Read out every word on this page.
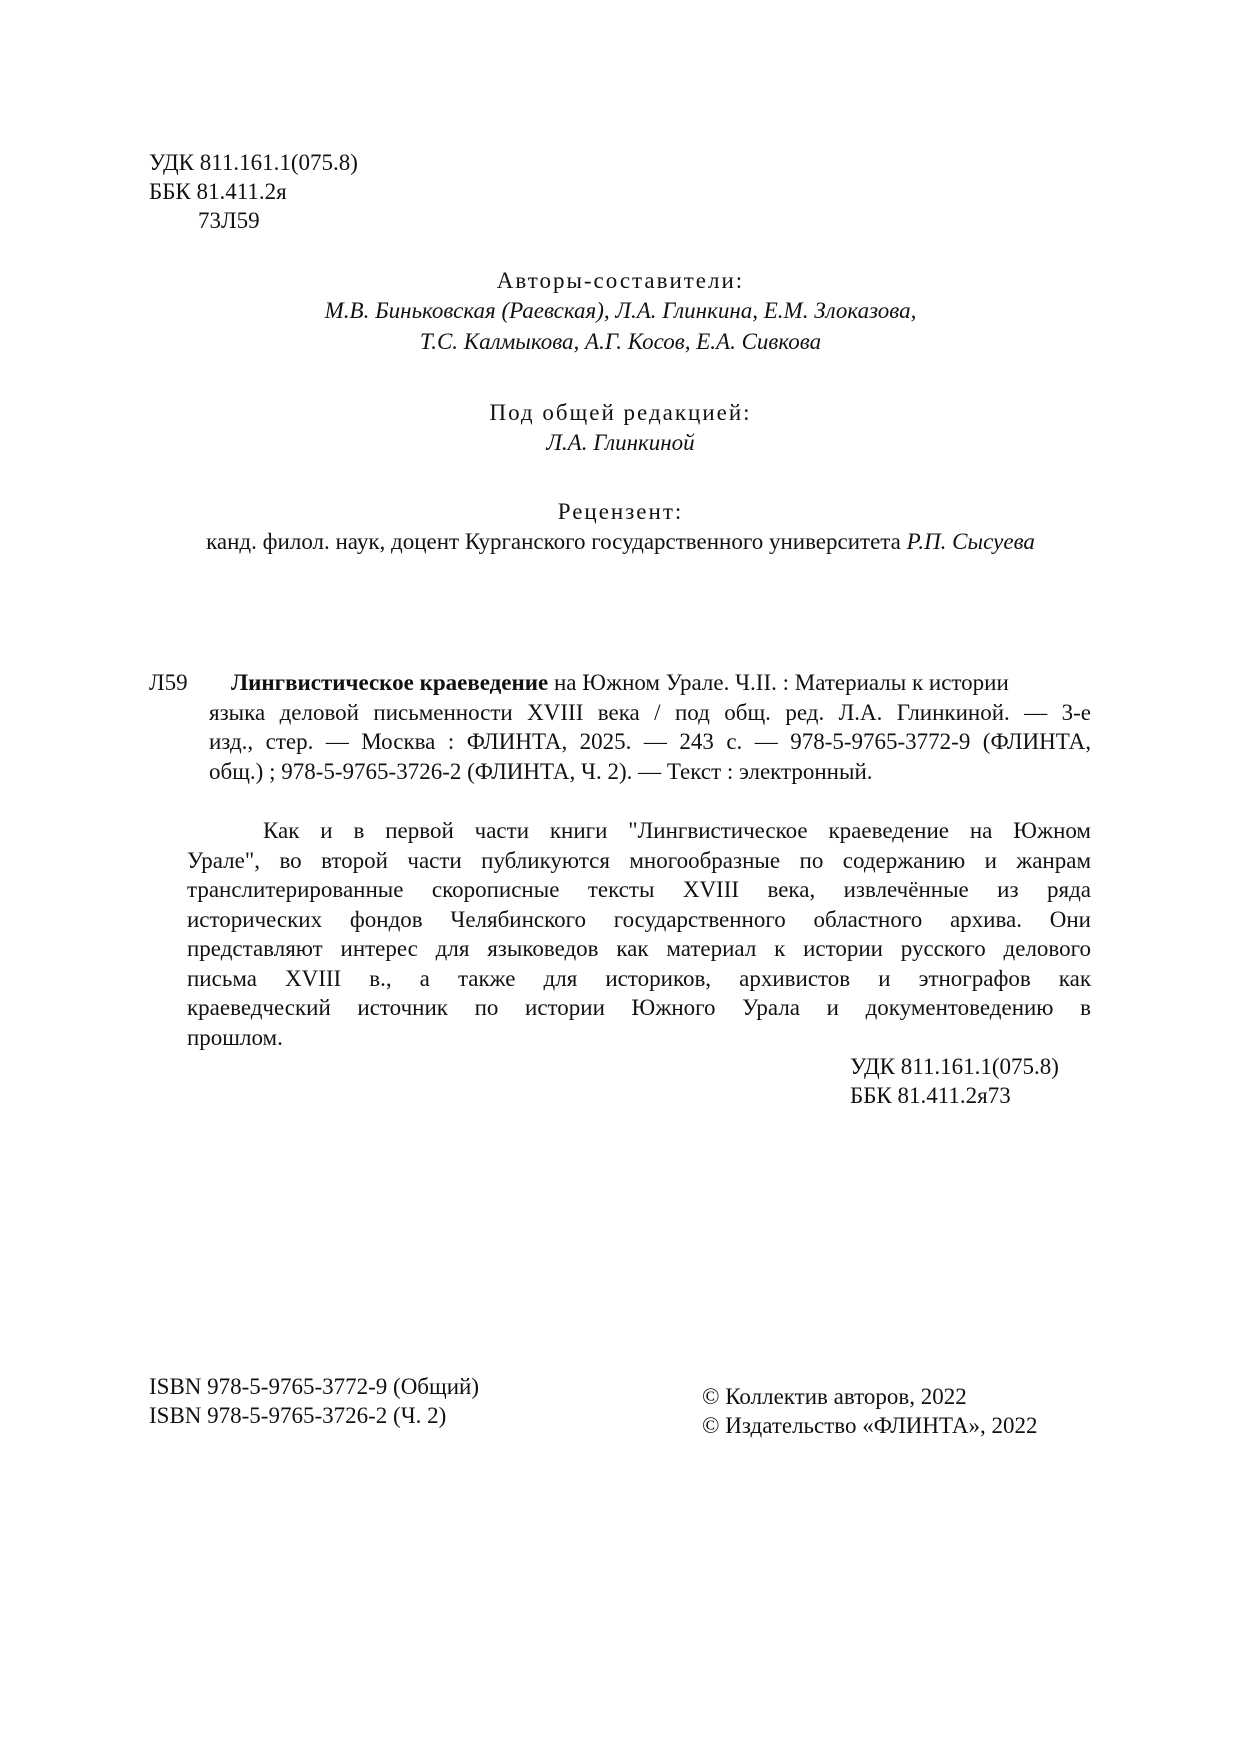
УДК 811.161.1(075.8)
ББК 81.411.2я
73Л59
Авторы-составители:
М.В. Биньковская (Раевская), Л.А. Глинкина, Е.М. Злоказова,
Т.С. Калмыкова, А.Г. Косов, Е.А. Сивкова
Под общей редакцией:
Л.А. Глинкиной
Рецензент:
канд. филол. наук, доцент Курганского государственного университета Р.П. Сысуева
Л59	Лингвистическое краеведение на Южном Урале. Ч.II. : Материалы к истории
языка деловой письменности XVIII века / под общ. ред. Л.А. Глинкиной. — 3-е
изд., стер. — Москва : ФЛИНТА, 2025. — 243 с. — 978-5-9765-3772-9 (ФЛИНТА,
общ.) ; 978-5-9765-3726-2 (ФЛИНТА, Ч. 2). — Текст : электронный.
Как и в первой части книги "Лингвистическое краеведение на Южном
Урале", во второй части публикуются многообразные по содержанию и жанрам
транслитерированные скорописные тексты XVIII века, извлечённые из ряда
исторических фондов Челябинского государственного областного архива. Они
представляют интерес для языковедов как материал к истории русского делового
письма XVIII в., а также для историков, архивистов и этнографов как
краеведческий источник по истории Южного Урала и документоведению в
прошлом.
УДК 811.161.1(075.8)
ББК 81.411.2я73
ISBN 978-5-9765-3772-9 (Общий)
ISBN 978-5-9765-3726-2 (Ч. 2)
© Коллектив авторов, 2022
© Издательство «ФЛИНТА», 2022
